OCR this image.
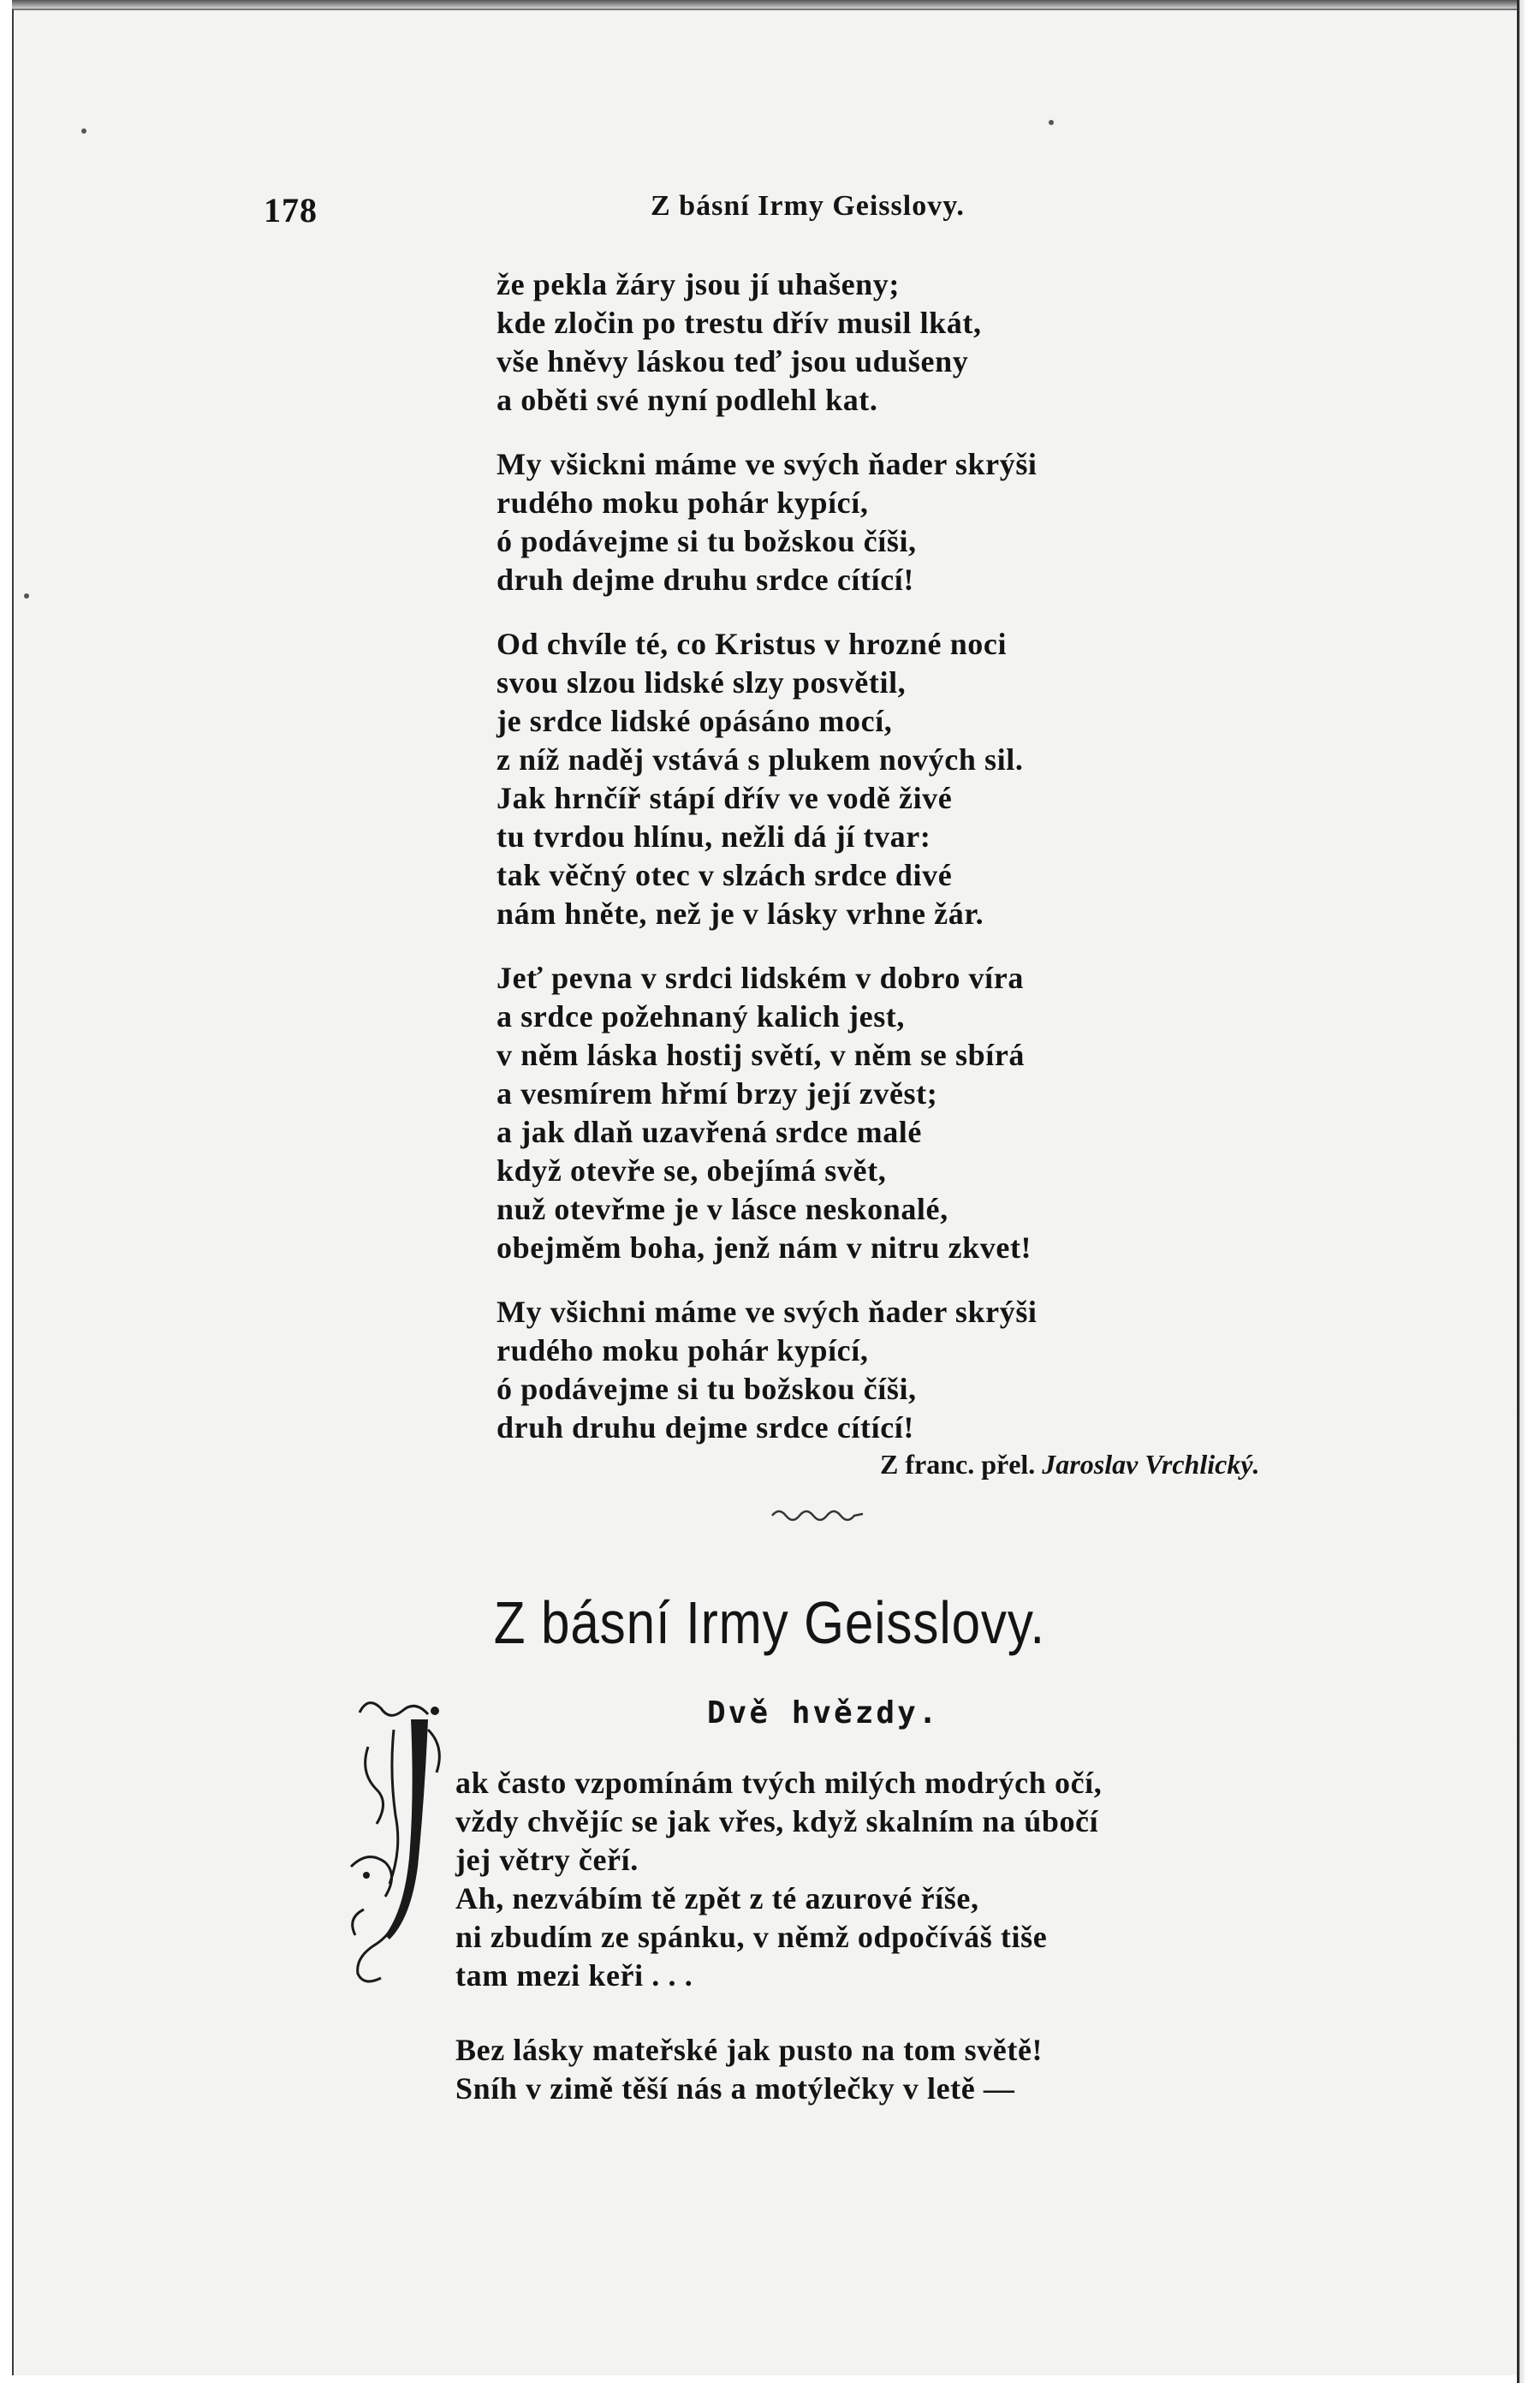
178	Z básní Irmy Geisslovy.
že pekla žáry jsou jí uhašeny;
kde zločin po trestu dřív musil lkát,
vše hněvy láskou teď jsou udušeny
a oběti své nyní podlehl kat.
My všickni máme ve svých ňader skrýši
rudého moku pohár kypící,
ó podávejme si tu božskou číši,
druh dejme druhu srdce cítící!
Od chvíle té, co Kristus v hrozné noci
svou slzou lidské slzy posvětil,
je srdce lidské opásáno mocí,
z níž naděj vstává s plukem nových sil.
Jak hrnčíř stápí dřív ve vodě živé
tu tvrdou hlínu, nežli dá jí tvar:
tak věčný otec v slzách srdce divé
nám hněte, než je v lásky vrhne žár.
Jeť pevna v srdci lidském v dobro víra
a srdce požehnaný kalich jest,
v něm láska hostij světí, v něm se sbírá
a vesmírem hřmí brzy její zvěst;
a jak dlaň uzavřená srdce malé
když otevře se, obejímá svět,
nuž otevřme je v lásce neskonalé,
obejměm boha, jenž nám v nitru zkvet!
My všichni máme ve svých ňader skrýši
rudého moku pohár kypící,
ó podávejme si tu božskou číši,
druh druhu dejme srdce cítící!
Z franc. přel. Jaroslav Vrchlický.
Z básní Irmy Geisslovy.
Dvě hvězdy.
ak často vzpomínám tvých milých modrých očí,
vždy chvějíc se jak vřes, když skalním na úbočí
jej větry čeří.
Ah, nezvábím tě zpět z té azurové říše,
ni zbudím ze spánku, v němž odpočíváš tiše
tam mezi keři . . .
Bez lásky mateřské jak pusto na tom světě!
Sníh v zimě těší nás a motýlečky v letě —
